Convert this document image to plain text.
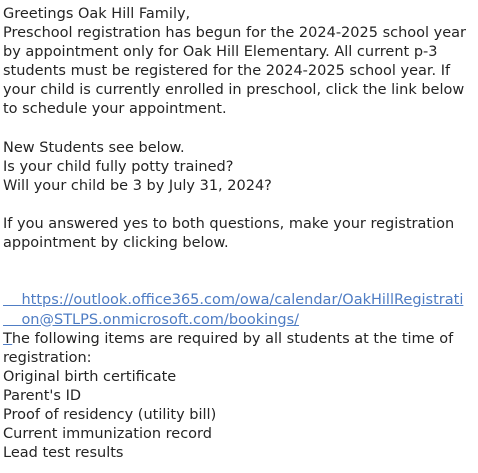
Greetings Oak Hill Family,
Preschool registration has begun for the 2024-2025 school year
by appointment only for Oak Hill Elementary. All current p-3
students must be registered for the 2024-2025 school year. If
your child is currently enrolled in preschool, click the link below
to schedule your appointment.
New Students see below.
Is your child fully potty trained?
Will your child be 3 by July 31, 2024?
If you answered yes to both questions, make your registration
appointment by clicking below.

https://outlook.office365.com/owa/calendar/OakHillRegistrati

on@STLPS.onmicrosoft.com/bookings/

The following items are required by all students at the time of
registration:
Original birth certificate
Parent's ID
Proof of residency (utility bill)
Current immunization record
Lead test results
